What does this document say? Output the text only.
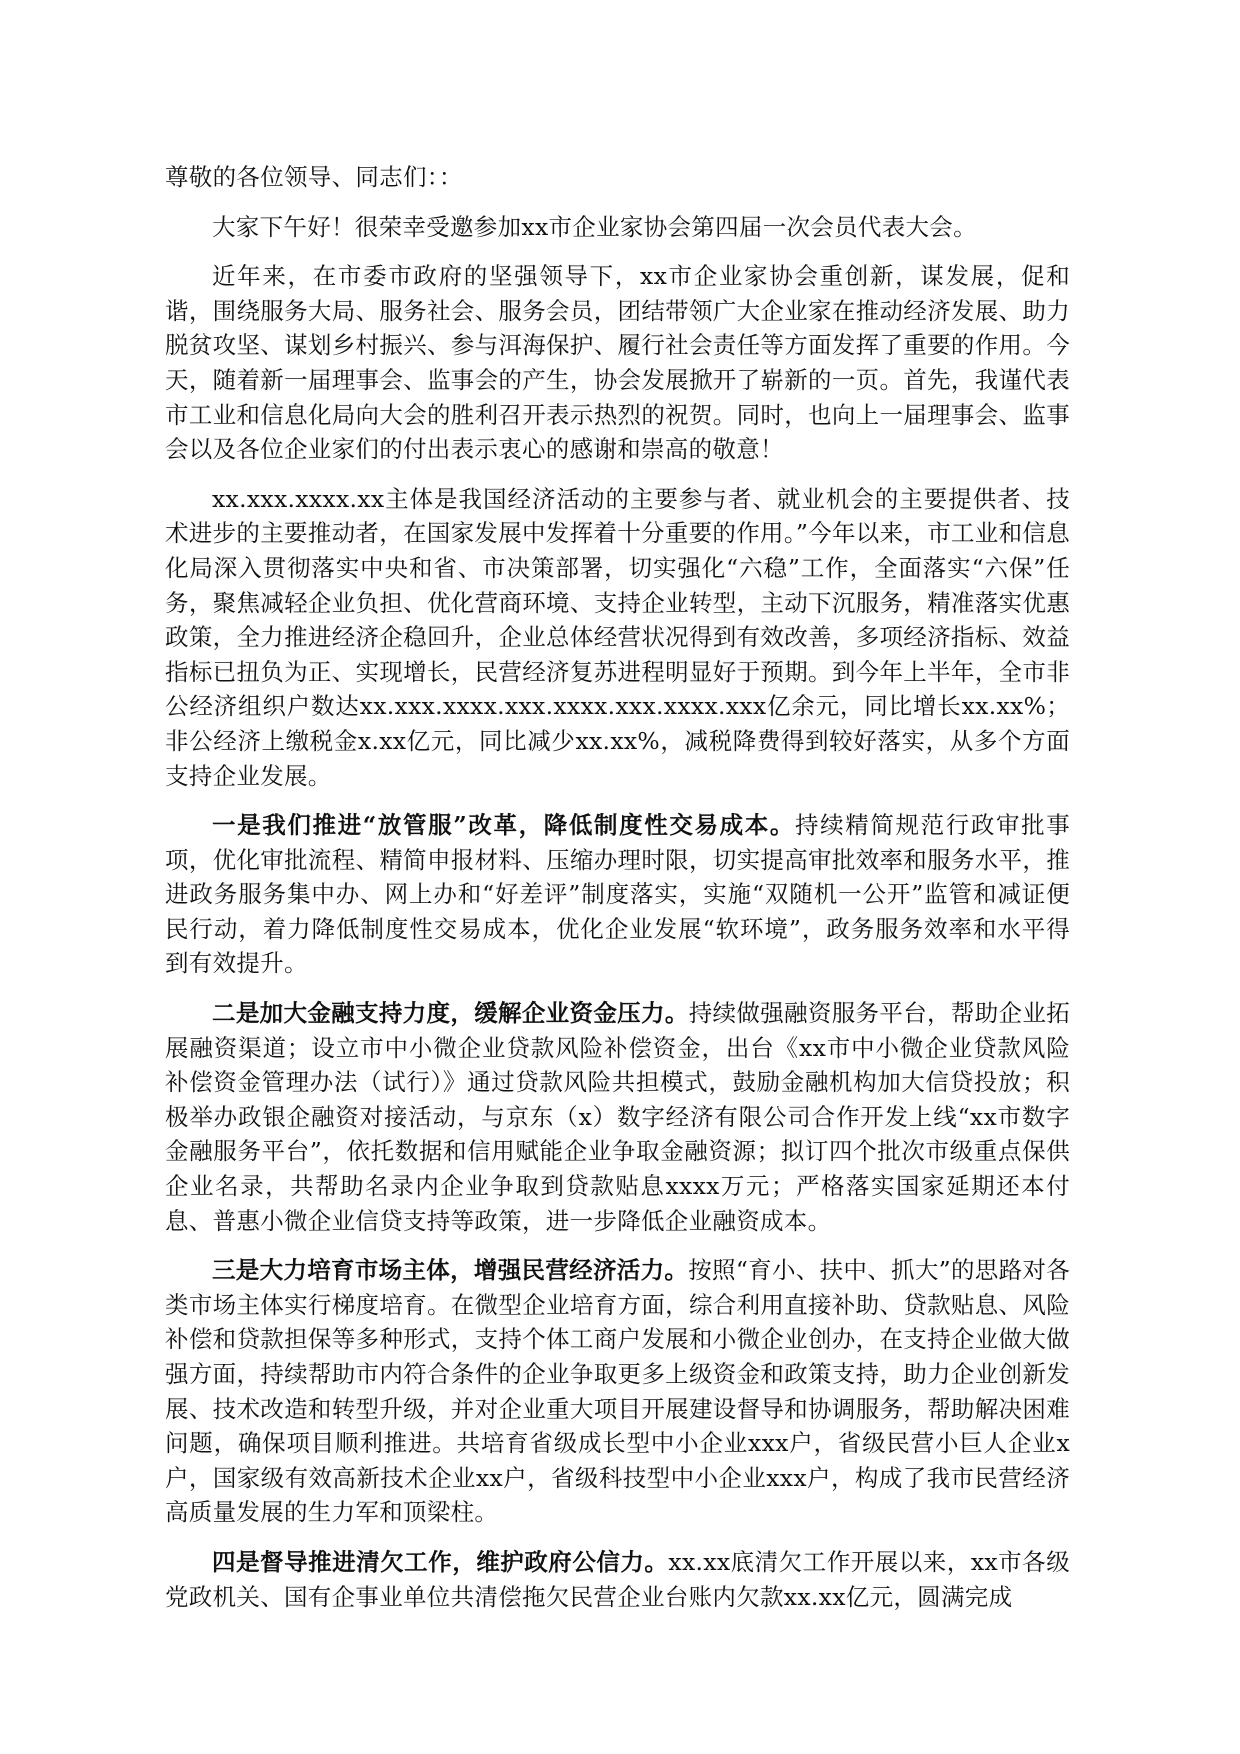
尊敬的各位领导、同志们：：

大家下午好！很荣幸受邀参加xx市企业家协会第四届一次会员代表大会。

近年来，在市委市政府的坚强领导下，xx市企业家协会重创新，谋发展，促和谐，围绕服务大局、服务社会、服务会员，团结带领广大企业家在推动经济发展、助力脱贫攻坚、谋划乡村振兴、参与洱海保护、履行社会责任等方面发挥了重要的作用。今天，随着新一届理事会、监事会的产生，协会发展掀开了崭新的一页。首先，我谨代表市工业和信息化局向大会的胜利召开表示热烈的祝贺。同时，也向上一届理事会、监事会以及各位企业家们的付出表示衷心的感谢和崇高的敬意！

xx.xxx.xxxx.xx主体是我国经济活动的主要参与者、就业机会的主要提供者、技术进步的主要推动者，在国家发展中发挥着十分重要的作用。”今年以来，市工业和信息化局深入贯彻落实中央和省、市决策部署，切实强化“六稳”工作，全面落实“六保”任务，聚焦减轻企业负担、优化营商环境、支持企业转型，主动下沉服务，精准落实优惠政策，全力推进经济企稳回升，企业总体经营状况得到有效改善，多项经济指标、效益指标已扭负为正、实现增长，民营经济复苏进程明显好于预期。到今年上半年，全市非公经济组织户数达xx.xxx.xxxx.xxx.xxxx.xxx.xxxx.xxx亿余元，同比增长xx.xx%；非公经济上缴税金x.xx亿元，同比减少xx.xx%，减税降费得到较好落实，从多个方面支持企业发展。

一是我们推进“放管服”改革，降低制度性交易成本。持续精简规范行政审批事项，优化审批流程、精简申报材料、压缩办理时限，切实提高审批效率和服务水平，推进政务服务集中办、网上办和“好差评”制度落实，实施“双随机一公开”监管和减证便民行动，着力降低制度性交易成本，优化企业发展“软环境”，政务服务效率和水平得到有效提升。

二是加大金融支持力度，缓解企业资金压力。持续做强融资服务平台，帮助企业拓展融资渠道；设立市中小微企业贷款风险补偿资金，出台《xx市中小微企业贷款风险补偿资金管理办法（试行）》通过贷款风险共担模式，鼓励金融机构加大信贷投放；积极举办政银企融资对接活动，与京东（x）数字经济有限公司合作开发上线“xx市数字金融服务平台”，依托数据和信用赋能企业争取金融资源；拟订四个批次市级重点保供企业名录，共帮助名录内企业争取到贷款贴息xxxx万元；严格落实国家延期还本付息、普惠小微企业信贷支持等政策，进一步降低企业融资成本。

三是大力培育市场主体，增强民营经济活力。按照“育小、扶中、抓大”的思路对各类市场主体实行梯度培育。在微型企业培育方面，综合利用直接补助、贷款贴息、风险补偿和贷款担保等多种形式，支持个体工商户发展和小微企业创办，在支持企业做大做强方面，持续帮助市内符合条件的企业争取更多上级资金和政策支持，助力企业创新发展、技术改造和转型升级，并对企业重大项目开展建设督导和协调服务，帮助解决困难问题，确保项目顺利推进。共培育省级成长型中小企业xxx户，省级民营小巨人企业x户，国家级有效高新技术企业xx户，省级科技型中小企业xxx户，构成了我市民营经济高质量发展的生力军和顶梁柱。

四是督导推进清欠工作，维护政府公信力。xx.xx底清欠工作开展以来，xx市各级党政机关、国有企事业单位共清偿拖欠民营企业台账内欠款xx.xx亿元，圆满完成
